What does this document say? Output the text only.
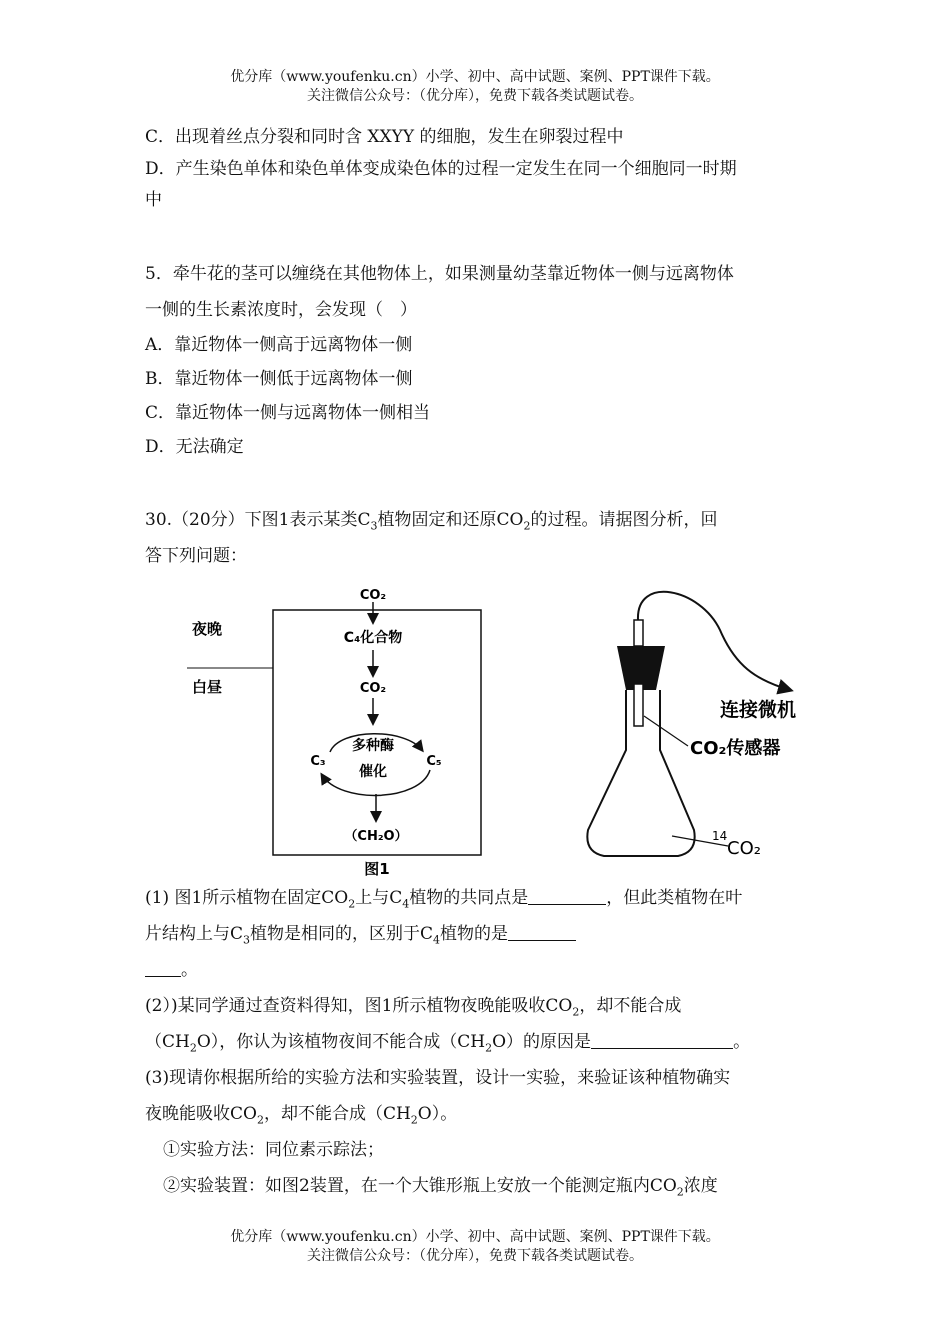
优分库（www.youfenku.cn）小学、初中、高中试题、案例、PPT课件下载。
关注微信公众号：（优分库），免费下载各类试题试卷。

C．出现着丝点分裂和同时含 XXYY 的细胞，发生在卵裂过程中

D．产生染色单体和染色单体变成染色体的过程一定发生在同一个细胞同一时期

中

5．牵牛花的茎可以缠绕在其他物体上，如果测量幼茎靠近物体一侧与远离物体

一侧的生长素浓度时，会发现（　）

A．靠近物体一侧高于远离物体一侧

B．靠近物体一侧低于远离物体一侧

C．靠近物体一侧与远离物体一侧相当

D．无法确定

30.（20分）下图1表示某类$C_3$植物固定和还原$CO_2$的过程。请据图分析，回

答下列问题：

夜晚
白昼
CO₂
C₄化合物
CO₂
多种酶
催化
C₃	C₅
（CH₂O）
图1
连接微机
CO₂传感器
14
CO₂

(1) 图1所示植物在固定$CO_2$上与$C_4$植物的共同点是	，但此类植物在叶

片结构上与$C_3$植物是相同的，区别于$C_4$植物的是

。

(2）)某同学通过查资料得知，图1所示植物夜晚能吸收$CO_2$，却不能合成

$(CH_2O)$，你认为该植物夜间不能合成$(CH_2O)$的原因是	。

(3)现请你根据所给的实验方法和实验装置，设计一实验，来验证该种植物确实

夜晚能吸收$CO_2$，却不能合成$(CH_2O)$。

①实验方法：同位素示踪法；

②实验装置：如图2装置，在一个大锥形瓶上安放一个能测定瓶内$CO_2$浓度

优分库（www.youfenku.cn）小学、初中、高中试题、案例、PPT课件下载。
关注微信公众号：（优分库），免费下载各类试题试卷。
